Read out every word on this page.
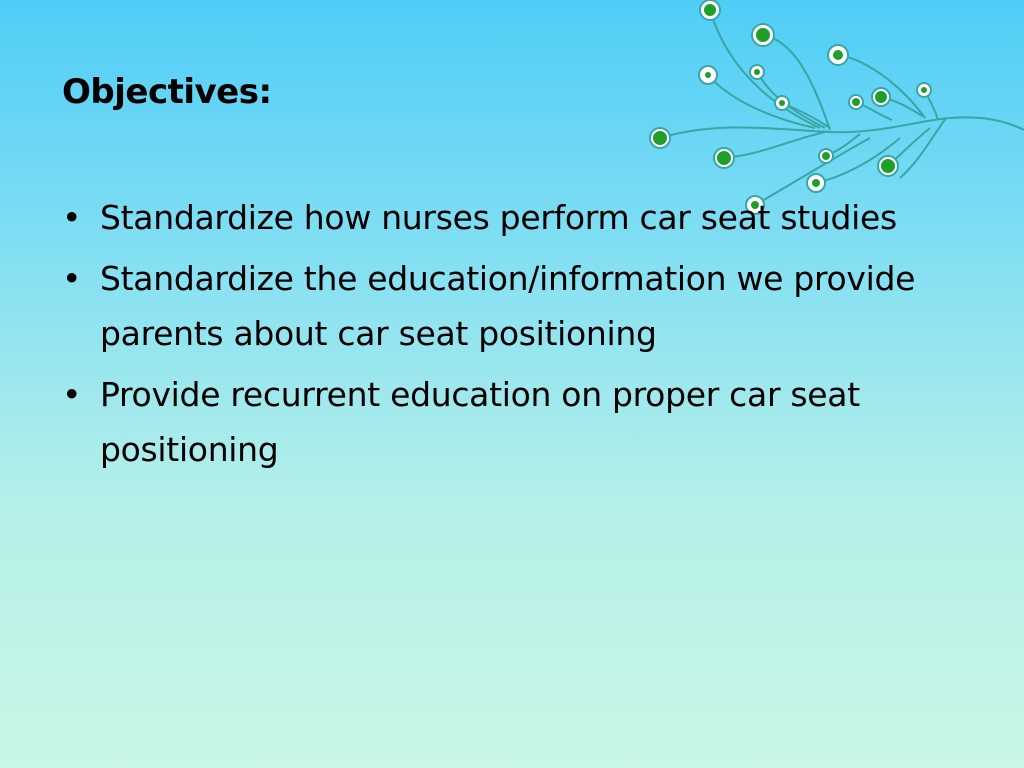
Objectives:
• Standardize how nurses perform car seat studies
• Standardize the education/information we provide parents about car seat positioning
• Provide recurrent education on proper car seat positioning
